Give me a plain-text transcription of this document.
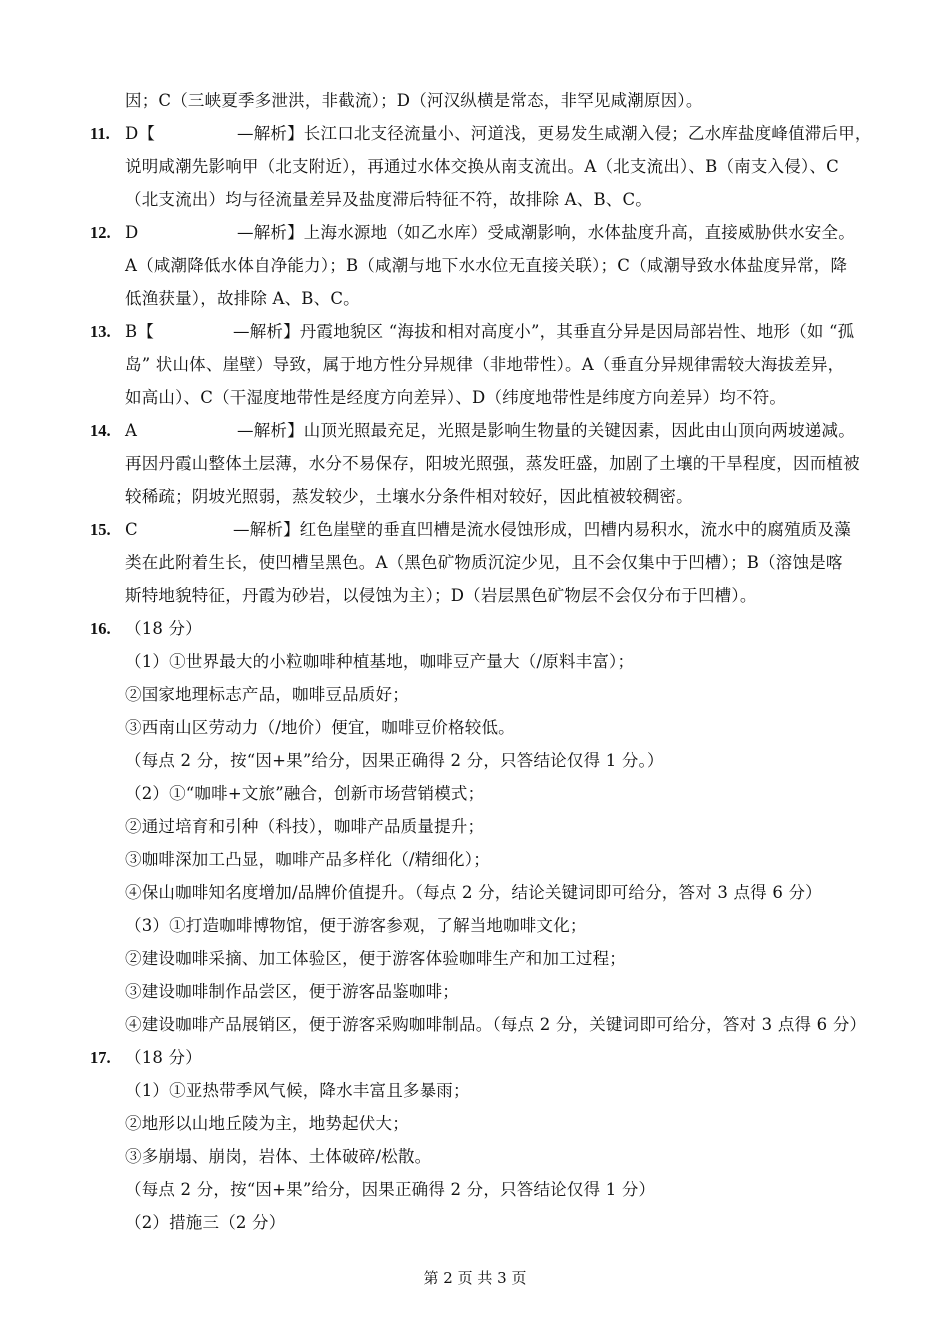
因；C（三峡夏季多泄洪，非截流）；D（河汉纵横是常态，非罕见咸潮原因）。
11. D【	—解析】长江口北支径流量小、河道浅，更易发生咸潮入侵；乙水库盐度峰值滞后甲，
说明咸潮先影响甲（北支附近），再通过水体交换从南支流出。A（北支流出）、B（南支入侵）、C
（北支流出）均与径流量差异及盐度滞后特征不符，故排除 A、B、C。
12. D	—解析】上海水源地（如乙水库）受咸潮影响，水体盐度升高，直接威胁供水安全。
A（咸潮降低水体自净能力）；B（咸潮与地下水水位无直接关联）；C（咸潮导致水体盐度异常，降
低渔获量），故排除 A、B、C。
13. B【	—解析】丹霞地貌区 “海拔和相对高度小”，其垂直分异是因局部岩性、地形（如 “孤
岛” 状山体、崖壁）导致，属于地方性分异规律（非地带性）。A（垂直分异规律需较大海拔差异，
如高山）、C（干湿度地带性是经度方向差异）、D（纬度地带性是纬度方向差异）均不符。
14. A	—解析】山顶光照最充足，光照是影响生物量的关键因素，因此由山顶向两坡递减。
再因丹霞山整体土层薄，水分不易保存，阳坡光照强，蒸发旺盛，加剧了土壤的干旱程度，因而植被
较稀疏；阴坡光照弱，蒸发较少，土壤水分条件相对较好，因此植被较稠密。
15. C	—解析】红色崖壁的垂直凹槽是流水侵蚀形成，凹槽内易积水，流水中的腐殖质及藻
类在此附着生长，使凹槽呈黑色。A（黑色矿物质沉淀少见，且不会仅集中于凹槽）；B（溶蚀是喀
斯特地貌特征，丹霞为砂岩，以侵蚀为主）；D（岩层黑色矿物层不会仅分布于凹槽）。
16. （18 分）
（1）①世界最大的小粒咖啡种植基地，咖啡豆产量大（/原料丰富）；
②国家地理标志产品，咖啡豆品质好；
③西南山区劳动力（/地价）便宜，咖啡豆价格较低。
（每点 2 分，按“因+果”给分，因果正确得 2 分，只答结论仅得 1 分。）
（2）①“咖啡+文旅”融合，创新市场营销模式；
②通过培育和引种（科技），咖啡产品质量提升；
③咖啡深加工凸显，咖啡产品多样化（/精细化）；
④保山咖啡知名度增加/品牌价值提升。（每点 2 分，结论关键词即可给分，答对 3 点得 6 分）
（3）①打造咖啡博物馆，便于游客参观，了解当地咖啡文化；
②建设咖啡采摘、加工体验区，便于游客体验咖啡生产和加工过程；
③建设咖啡制作品尝区，便于游客品鉴咖啡；
④建设咖啡产品展销区，便于游客采购咖啡制品。（每点 2 分，关键词即可给分，答对 3 点得 6 分）
17. （18 分）
（1）①亚热带季风气候，降水丰富且多暴雨；
②地形以山地丘陵为主，地势起伏大；
③多崩塌、崩岗，岩体、土体破碎/松散。
（每点 2 分，按“因+果”给分，因果正确得 2 分，只答结论仅得 1 分）
（2）措施三（2 分）
第 2 页 共 3 页
